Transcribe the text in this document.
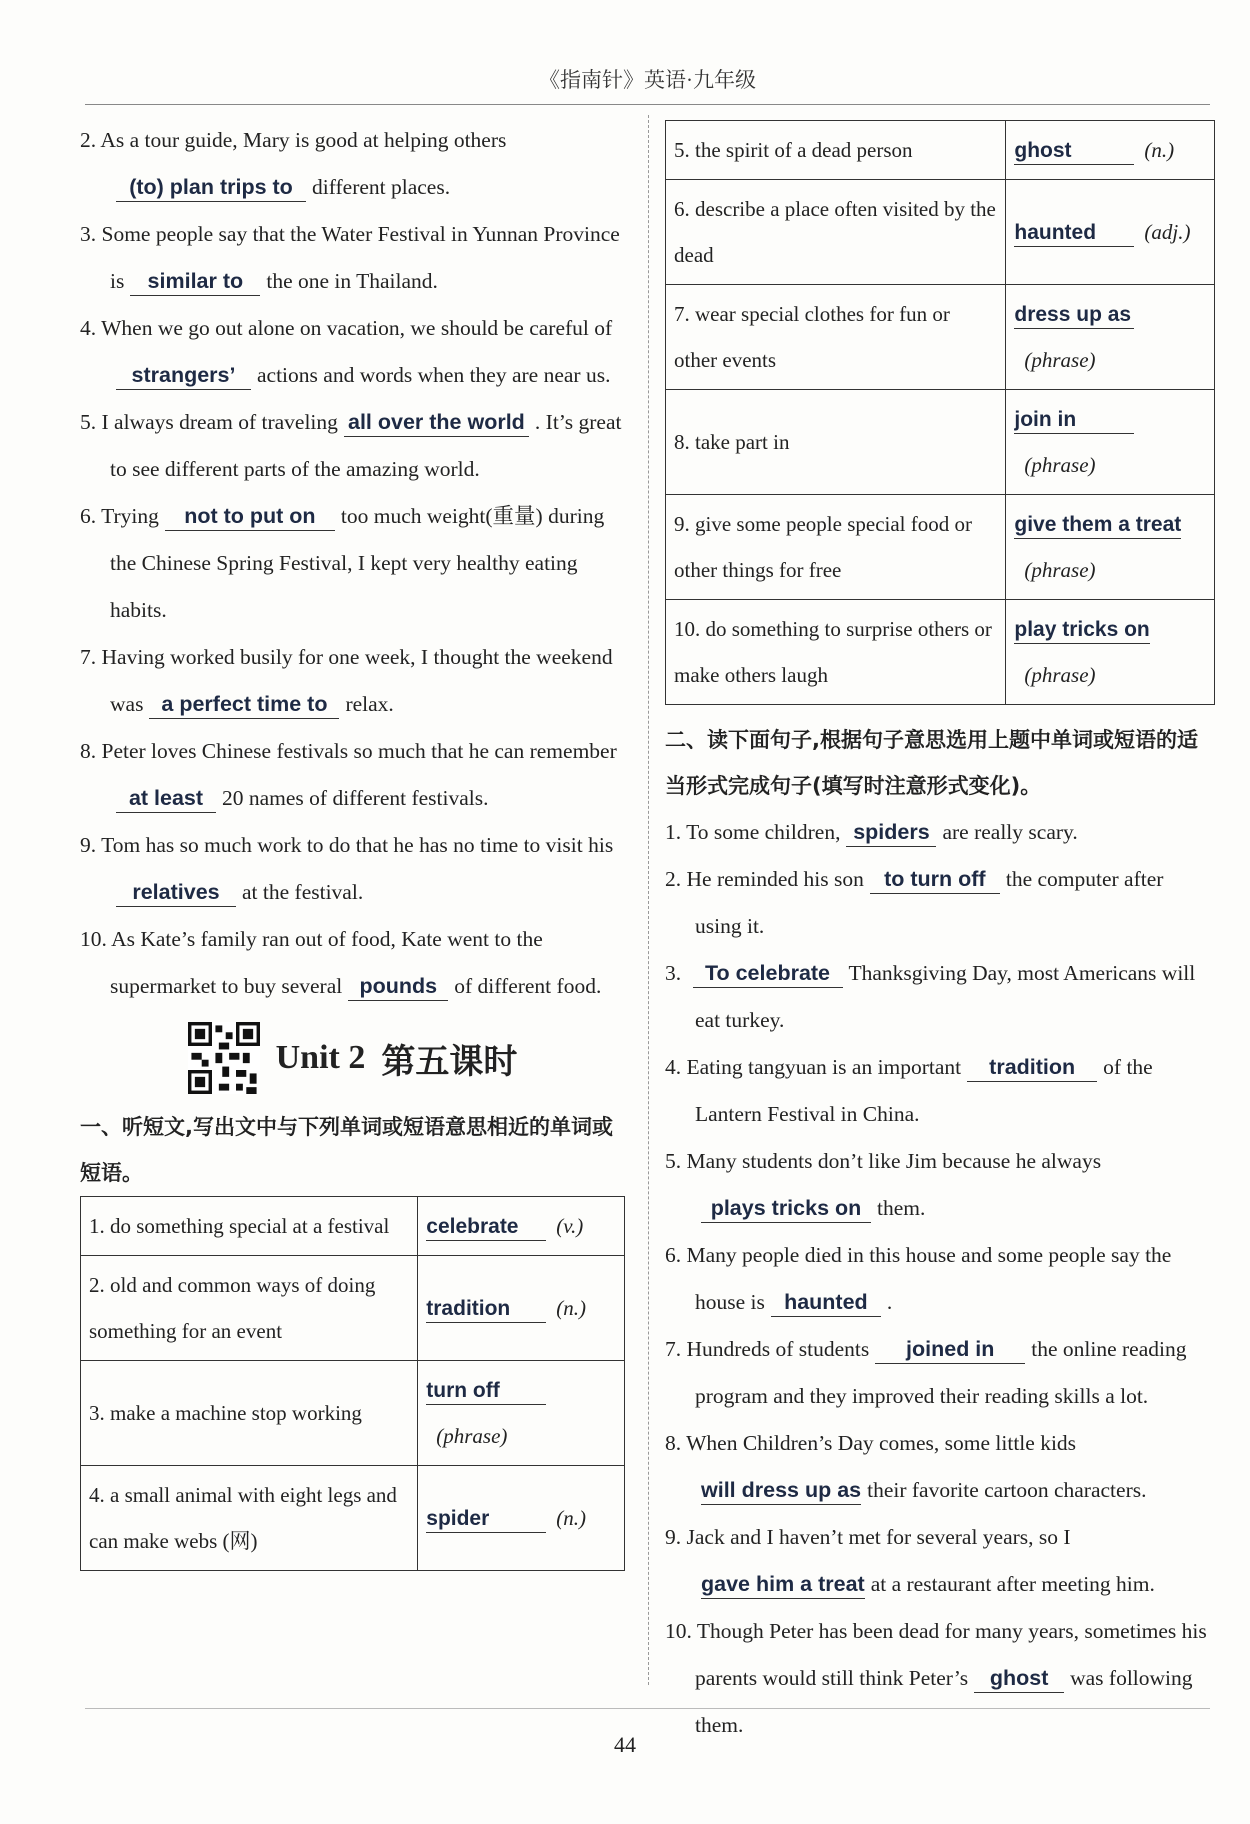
《指南针》英语·九年级
2. As a tour guide, Mary is good at helping others(to) plan trips to different places.
3. Some people say that the Water Festival in Yunnan Province is similar to the one in Thailand.
4. When we go out alone on vacation, we should be careful ofstrangers’ actions and words when they are near us.
5. I always dream of traveling all over the world . It’s great to see different parts of the amazing world.
6. Trying not to put on too much weight(重量) during the Chinese Spring Festival, I kept very healthy eating habits.
7. Having worked busily for one week, I thought the weekend was a perfect time to relax.
8. Peter loves Chinese festivals so much that he can rememberat least 20 names of different festivals.
9. Tom has so much work to do that he has no time to visit hisrelatives at the festival.
10. As Kate’s family ran out of food, Kate went to the supermarket to buy several pounds of different food.
Unit 2 第五课时
一、听短文,写出文中与下列单词或短语意思相近的单词或短语。
1. do something special at a festival	celebrate (v.)
2. old and common ways of doing something for an event	tradition (n.)
3. make a machine stop working	turn off(phrase)
4. a small animal with eight legs and can make webs (网)	spider (n.)
5. the spirit of a dead person	ghost (n.)
6. describe a place often visited by the dead	haunted (adj.)
7. wear special clothes for fun or other events	dress up as(phrase)
8. take part in	join in(phrase)
9. give some people special food or other things for free	give them a treat(phrase)
10. do something to surprise others or make others laugh	play tricks on(phrase)
二、读下面句子,根据句子意思选用上题中单词或短语的适当形式完成句子(填写时注意形式变化)。
1. To some children, spiders are really scary.
2. He reminded his son to turn off the computer after using it.
3. To celebrate Thanksgiving Day, most Americans will eat turkey.
4. Eating tangyuan is an important tradition of the Lantern Festival in China.
5. Many students don’t like Jim because he alwaysplays tricks on them.
6. Many people died in this house and some people say the house is haunted .
7. Hundreds of students joined in the online reading program and they improved their reading skills a lot.
8. When Children’s Day comes, some little kidswill dress up as their favorite cartoon characters.
9. Jack and I haven’t met for several years, so Igave him a treat at a restaurant after meeting him.
10. Though Peter has been dead for many years, sometimes his parents would still think Peter’s ghost was following them.
44
